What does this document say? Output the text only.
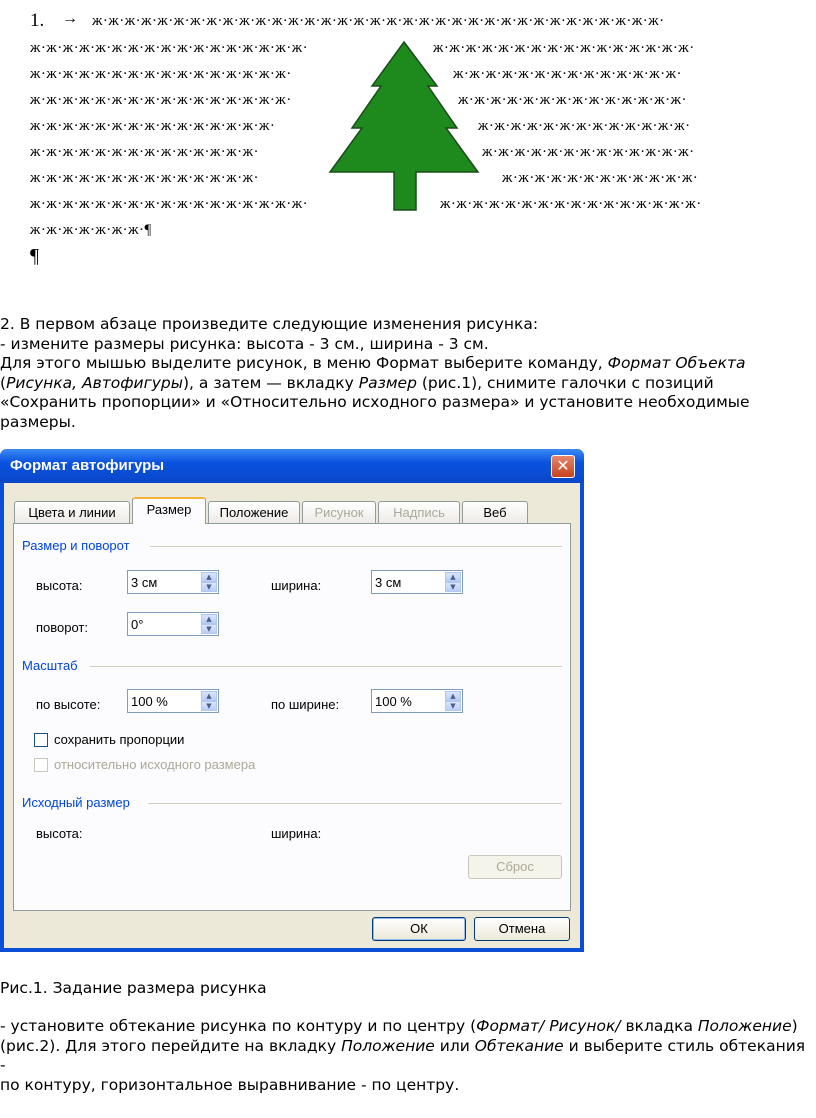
1. → ж·ж·ж·ж·ж·ж·ж·ж·ж·ж·ж·ж·ж·ж·ж·ж·ж·ж·ж·ж·ж·ж·ж·ж·ж·ж·ж·ж·ж·ж·ж·ж·ж·ж·ж·
ж·ж·ж·ж·ж·ж·ж·ж·ж·ж·ж·ж·ж·ж·ж·ж·ж·
ж·ж·ж·ж·ж·ж·ж·ж·ж·ж·ж·ж·ж·ж·ж·ж·
ж·ж·ж·ж·ж·ж·ж·ж·ж·ж·ж·ж·ж·ж·ж·ж·
ж·ж·ж·ж·ж·ж·ж·ж·ж·ж·ж·ж·ж·ж·ж·
ж·ж·ж·ж·ж·ж·ж·ж·ж·ж·ж·ж·ж·ж·
ж·ж·ж·ж·ж·ж·ж·ж·ж·ж·ж·ж·ж·ж·
ж·ж·ж·ж·ж·ж·ж·ж·ж·ж·ж·ж·ж·ж·ж·ж·ж·
ж·ж·ж·ж·ж·ж·ж·ж·ж·ж·ж·ж·ж·ж·ж·ж·
ж·ж·ж·ж·ж·ж·ж·ж·ж·ж·ж·ж·ж·ж·
ж·ж·ж·ж·ж·ж·ж·ж·ж·ж·ж·ж·ж·ж·
ж·ж·ж·ж·ж·ж·ж·ж·ж·ж·ж·ж·ж·
ж·ж·ж·ж·ж·ж·ж·ж·ж·ж·ж·ж·ж·
ж·ж·ж·ж·ж·ж·ж·ж·ж·ж·ж·ж·
ж·ж·ж·ж·ж·ж·ж·ж·ж·ж·ж·ж·ж·ж·ж·ж·
ж·ж·ж·ж·ж·ж·ж·¶
¶
2. В первом абзаце произведите следующие изменения рисунка:
- измените размеры рисунка: высота - 3 см., ширина - 3 см.
Для этого мышью выделите рисунок, в меню Формат выберите команду, Формат Объекта
(Рисунка, Автофигуры), а затем — вкладку Размер (рис.1), снимите галочки с позиций
«Сохранить пропорции» и «Относительно исходного размера» и установите необходимые
размеры.
Формат автофигуры	✕
Цвета и линии	Размер	Положение	Рисунок	Надпись	Веб
Размер и поворот
высота:	3 см	▲
▼	ширина:	3 см	▲
▼
поворот:	0°	▲
▼
Масштаб
по высоте: 100 %	▲
▼	по ширине:	100 %	▲
▼
сохранить пропорции
относительно исходного размера
Исходный размер
высота:	ширина:
Сброс
ОК	Отмена
Рис.1. Задание размера рисунка
- установите обтекание рисунка по контуру и по центру (Формат/ Рисунок/ вкладка Положение)
(рис.2). Для этого перейдите на вкладку Положение или Обтекание и выберите стиль обтекания -
по контуру, горизонтальное выравнивание - по центру.
